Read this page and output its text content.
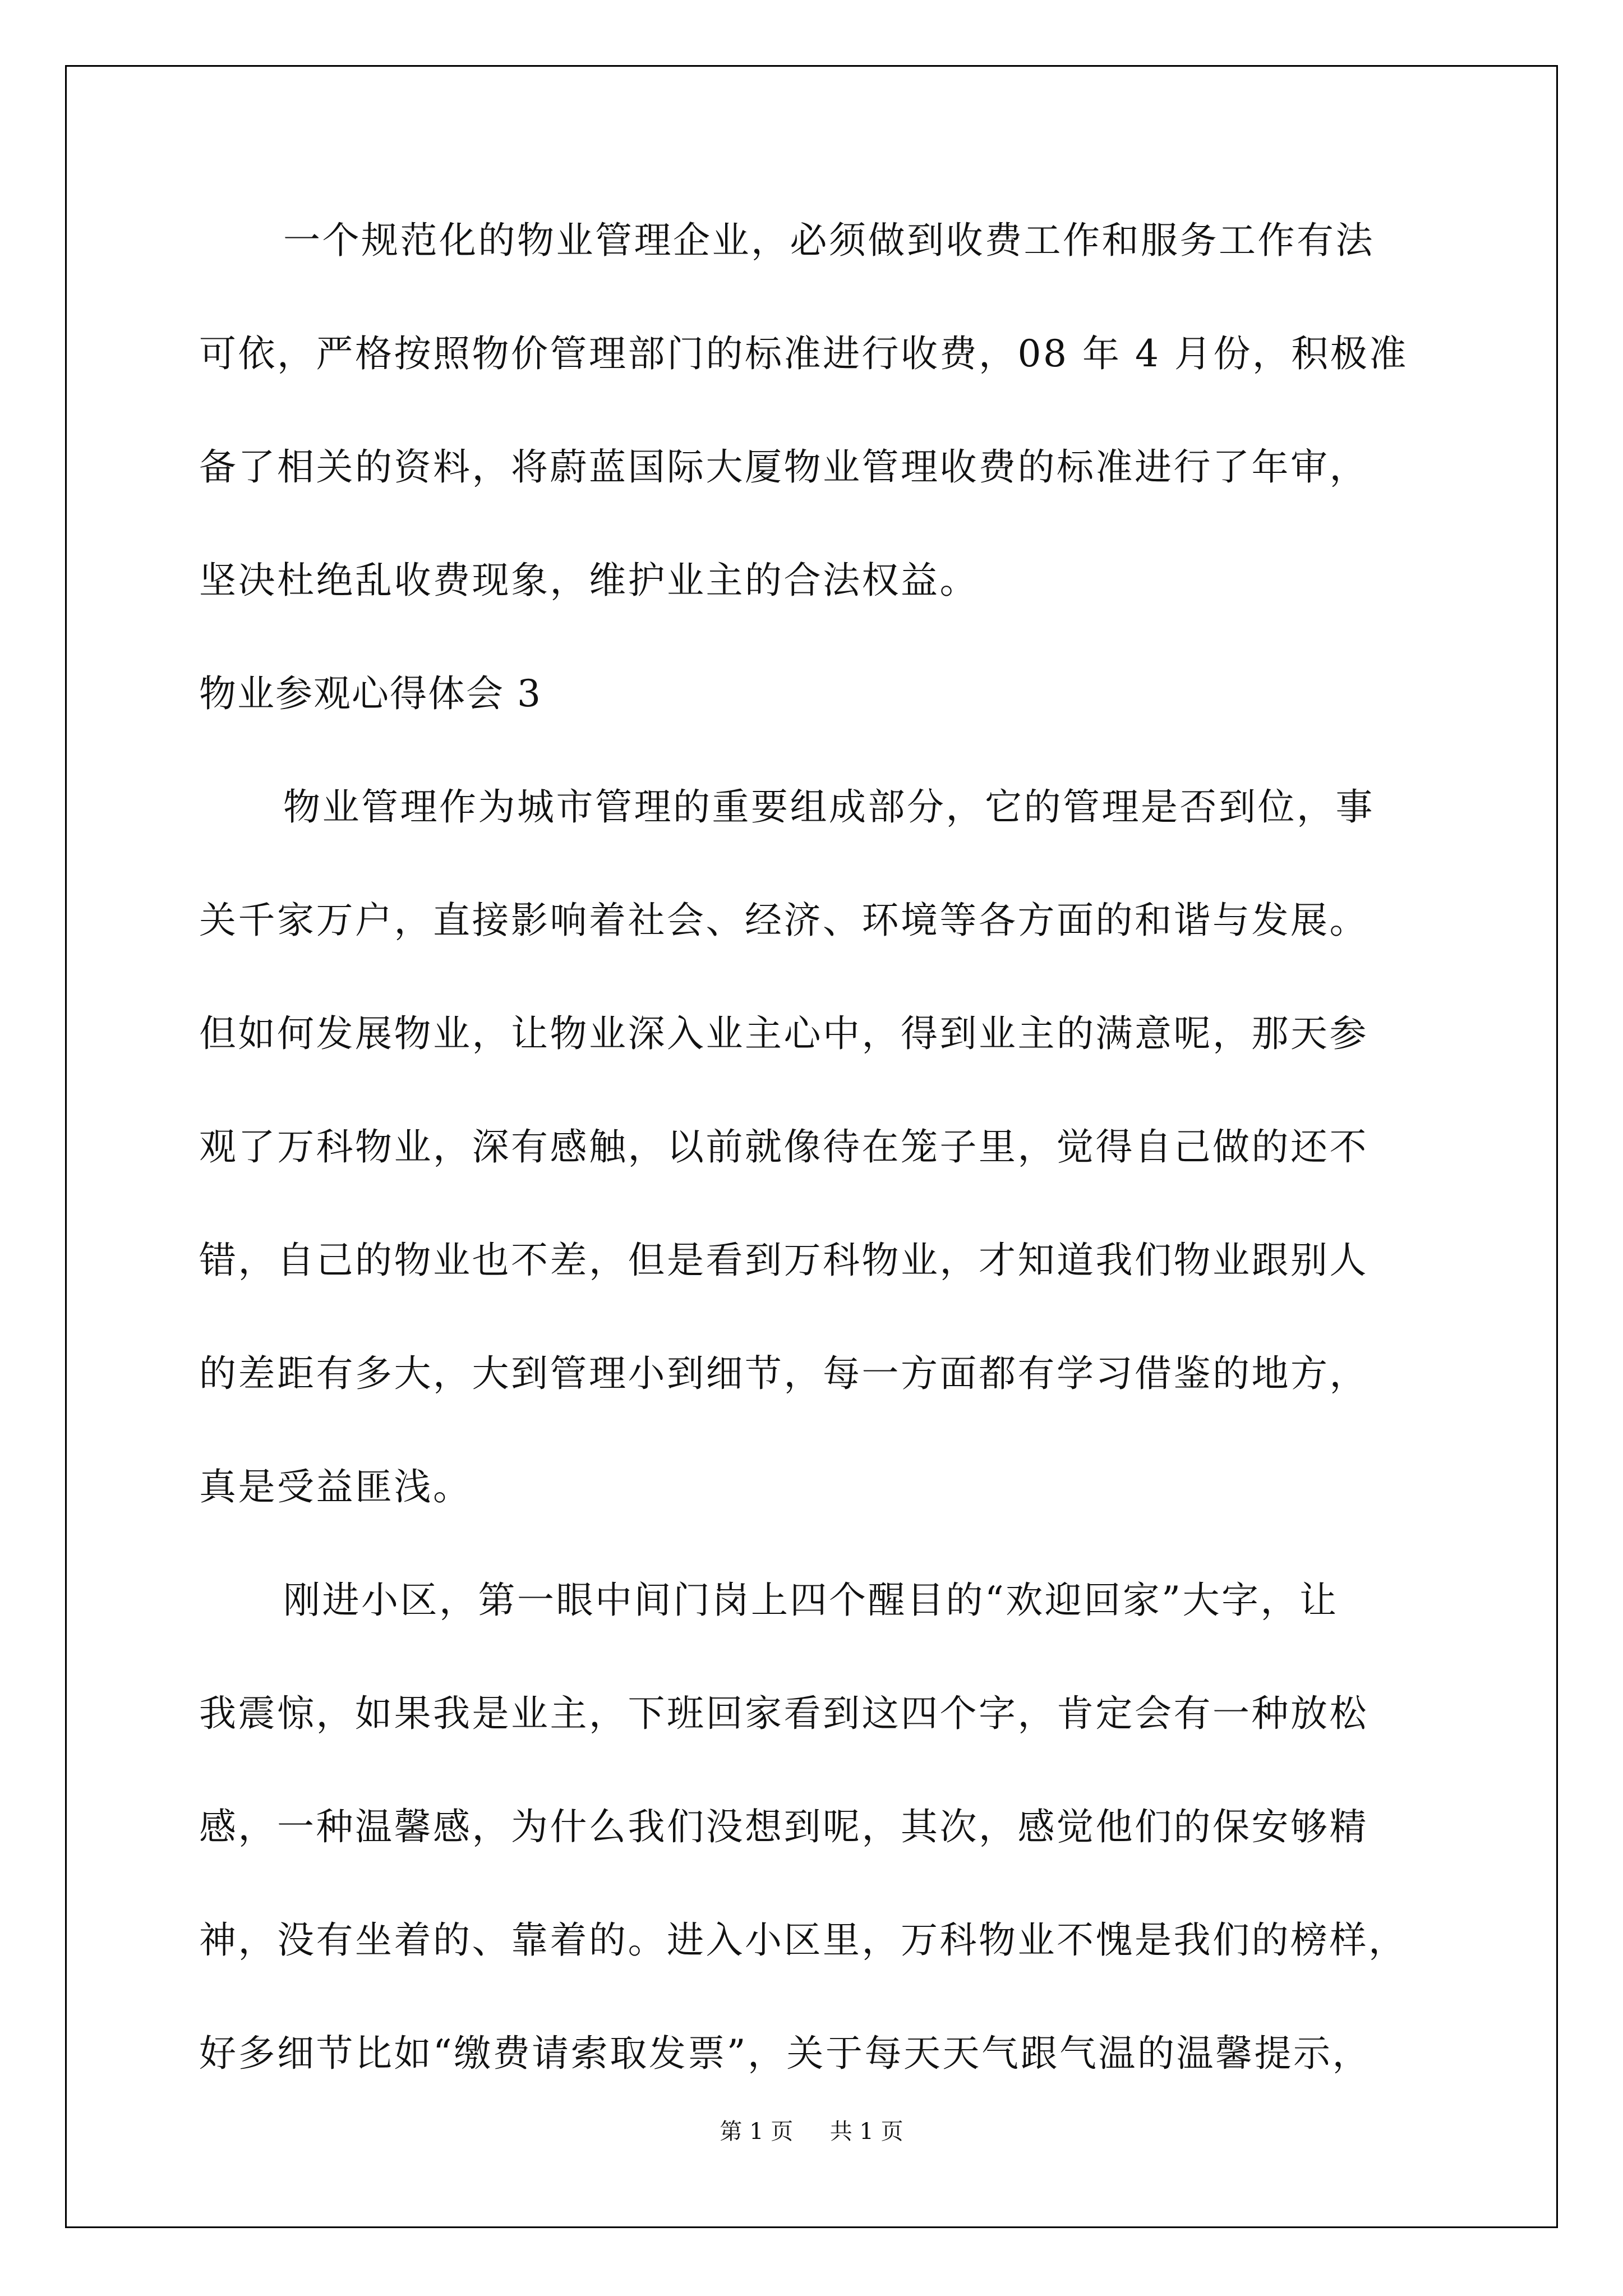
一个规范化的物业管理企业，必须做到收费工作和服务工作有法
可依，严格按照物价管理部门的标准进行收费，08 年 4 月份，积极准
备了相关的资料，将蔚蓝国际大厦物业管理收费的标准进行了年审，
坚决杜绝乱收费现象，维护业主的合法权益。
物业参观心得体会 3
物业管理作为城市管理的重要组成部分，它的管理是否到位，事
关千家万户，直接影响着社会、经济、环境等各方面的和谐与发展。
但如何发展物业，让物业深入业主心中，得到业主的满意呢，那天参
观了万科物业，深有感触，以前就像待在笼子里，觉得自己做的还不
错，自己的物业也不差，但是看到万科物业，才知道我们物业跟别人
的差距有多大，大到管理小到细节，每一方面都有学习借鉴的地方，
真是受益匪浅。
刚进小区，第一眼中间门岗上四个醒目的“欢迎回家”大字，让
我震惊，如果我是业主，下班回家看到这四个字，肯定会有一种放松
感，一种温馨感，为什么我们没想到呢，其次，感觉他们的保安够精
神，没有坐着的、靠着的。进入小区里，万科物业不愧是我们的榜样，
好多细节比如“缴费请索取发票”，关于每天天气跟气温的温馨提示，
第 1 页 共 1 页
